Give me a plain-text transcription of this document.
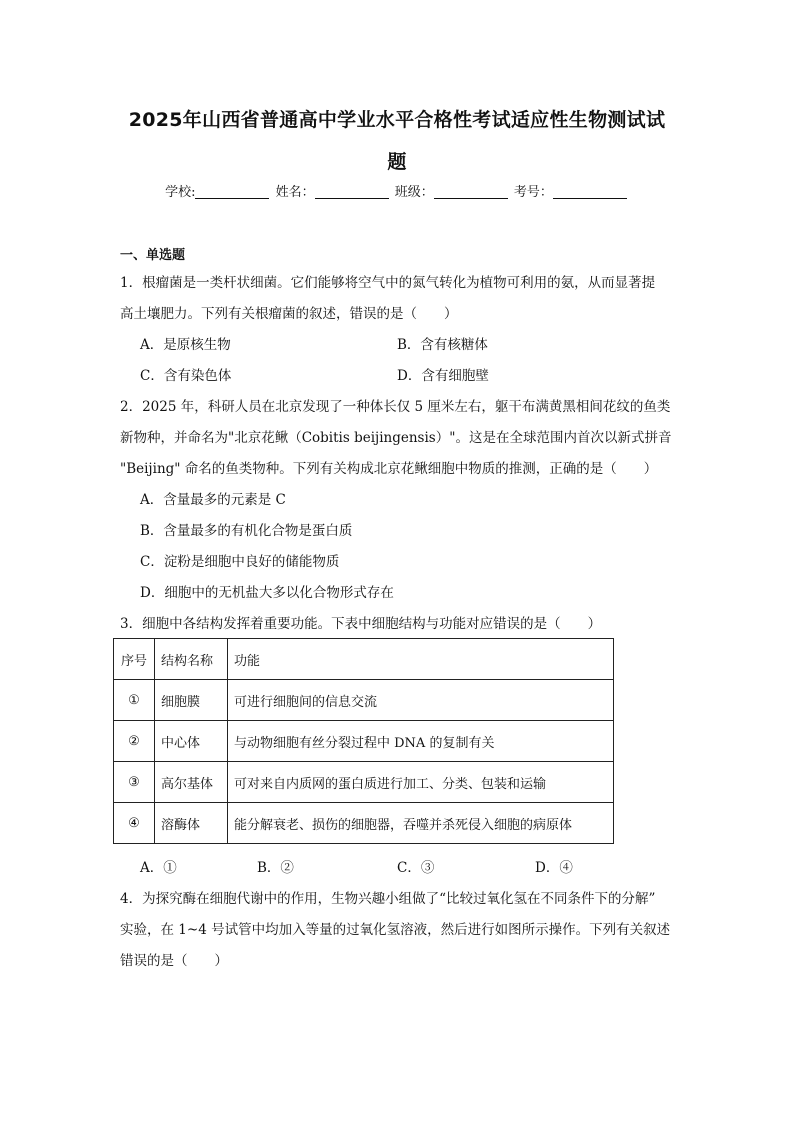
2025年山西省普通高中学业水平合格性考试适应性生物测试试
题
学校:	姓名：	班级：	考号：
一、单选题
1．根瘤菌是一类杆状细菌。它们能够将空气中的氮气转化为植物可利用的氨，从而显著提
高土壤肥力。下列有关根瘤菌的叙述，错误的是（　　）
A．是原核生物	B．含有核糖体
C．含有染色体	D．含有细胞壁
2．2025 年，科研人员在北京发现了一种体长仅 5 厘米左右，躯干布满黄黑相间花纹的鱼类
新物种，并命名为"北京花鳅（Cobitis beijingensis）"。这是在全球范围内首次以新式拼音
"Beijing" 命名的鱼类物种。下列有关构成北京花鳅细胞中物质的推测，正确的是（　　）
A．含量最多的元素是 C
B．含量最多的有机化合物是蛋白质
C．淀粉是细胞中良好的储能物质
D．细胞中的无机盐大多以化合物形式存在
3．细胞中各结构发挥着重要功能。下表中细胞结构与功能对应错误的是（　　）
序号	结构名称	功能
①	细胞膜	可进行细胞间的信息交流
②	中心体	与动物细胞有丝分裂过程中 DNA 的复制有关
③	高尔基体	可对来自内质网的蛋白质进行加工、分类、包装和运输
④	溶酶体	能分解衰老、损伤的细胞器，吞噬并杀死侵入细胞的病原体
A．①	B．②	C．③	D．④
4．为探究酶在细胞代谢中的作用，生物兴趣小组做了“比较过氧化氢在不同条件下的分解”
实验，在 1~4 号试管中均加入等量的过氧化氢溶液，然后进行如图所示操作。下列有关叙述
错误的是（　　）
